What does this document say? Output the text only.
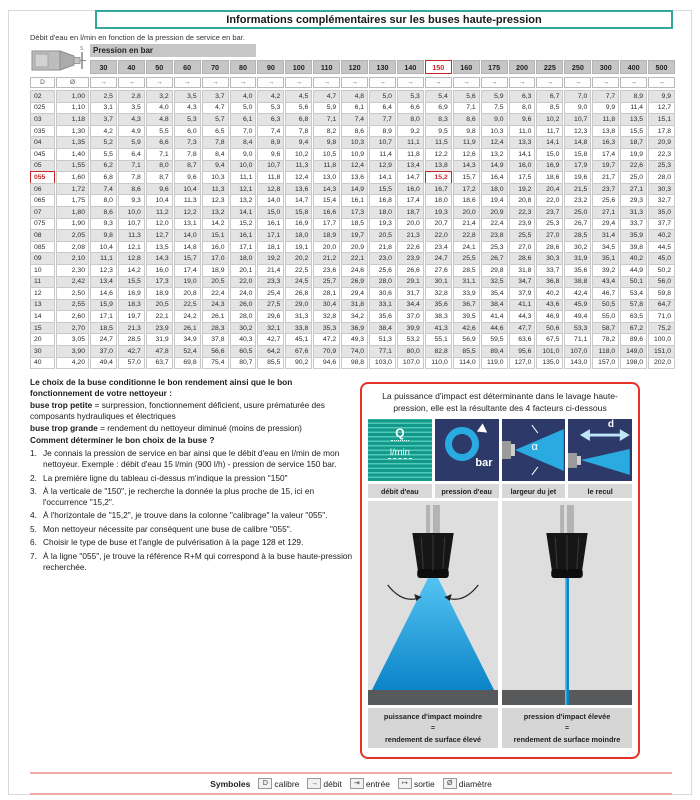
Informations complémentaires sur les buses haute-pression
Débit d'eau en l/min en fonction de la pression de service en bar.
S	Pression en bar
30	40	50	60	70	80	90	100	110	120	130	140	150	160	175	200	225	250	300	400	500
D	Ø	→	→	→	→	→	→	→	→	→	→	→	→	→	→	→	→	→	→	→	→	→
02	1,00	2,5	2,8	3,2	3,5	3,7	4,0	4,2	4,5	4,7	4,8	5,0	5,3	5,4	5,6	5,9	6,3	6,7	7,0	7,7	8,9	9,9
025	1,10	3,1	3,5	4,0	4,3	4,7	5,0	5,3	5,6	5,9	6,1	6,4	6,6	6,9	7,1	7,5	8,0	8,5	9,0	9,9	11,4	12,7
03	1,18	3,7	4,3	4,8	5,3	5,7	6,1	6,3	6,8	7,1	7,4	7,7	8,0	8,3	8,6	9,0	9,6	10,2	10,7	11,8	13,5	15,1
035	1,30	4,2	4,9	5,5	6,0	6,5	7,0	7,4	7,8	8,2	8,6	8,9	9,2	9,5	9,8	10,3	11,0	11,7	12,3	13,8	15,5	17,8
04	1,35	5,2	5,9	6,6	7,3	7,8	8,4	8,9	9,4	9,8	10,3	10,7	11,1	11,5	11,9	12,4	13,3	14,1	14,8	16,3	18,7	20,9
045	1,40	5,5	6,4	7,1	7,8	8,4	9,0	9,6	10,2	10,5	10,9	11,4	11,8	12,2	12,6	13,2	14,1	15,0	15,8	17,4	19,9	22,3
05	1,55	6,2	7,1	8,0	8,7	9,4	10,0	10,7	11,3	11,8	12,4	12,9	13,4	13,8	14,3	14,9	16,0	16,9	17,9	19,7	22,6	25,3
055	1,60	6,8	7,8	8,7	9,6	10,3	11,1	11,8	12,4	13,0	13,6	14,1	14,7	15,2	15,7	16,4	17,5	18,6	19,6	21,7	25,0	28,0
06	1,72	7,4	8,6	9,6	10,4	11,3	12,1	12,8	13,6	14,3	14,9	15,5	16,0	16,7	17,2	18,0	19,2	20,4	21,5	23,7	27,1	30,3
065	1,75	8,0	9,3	10,4	11,3	12,3	13,2	14,0	14,7	15,4	16,1	16,8	17,4	18,0	18,6	19,4	20,8	22,0	23,2	25,6	29,3	32,7
07	1,80	8,6	10,0	11,2	12,2	13,2	14,1	15,0	15,8	16,6	17,3	18,0	18,7	19,3	20,0	20,9	22,3	23,7	25,0	27,1	31,3	35,0
075	1,90	9,3	10,7	12,0	13,1	14,2	15,2	16,1	16,9	17,7	18,5	19,3	20,0	20,7	21,4	22,4	23,9	25,3	26,7	29,4	33,7	37,7
08	2,05	9,8	11,3	12,7	14,0	15,1	16,1	17,1	18,0	18,9	19,7	20,5	21,3	22,0	22,8	23,8	25,5	27,0	28,5	31,4	35,9	40,2
085	2,08	10,4	12,1	13,5	14,8	16,0	17,1	18,1	19,1	20,0	20,9	21,8	22,6	23,4	24,1	25,3	27,0	28,6	30,2	34,5	39,8	44,5
09	2,10	11,1	12,8	14,3	15,7	17,0	18,0	19,2	20,2	21,2	22,1	23,0	23,9	24,7	25,5	26,7	28,6	30,3	31,9	35,1	40,2	45,0
10	2,30	12,3	14,2	16,0	17,4	18,9	20,1	21,4	22,5	23,6	24,6	25,6	26,6	27,6	28,5	29,8	31,8	33,7	35,6	39,2	44,9	50,2
11	2,42	13,4	15,5	17,3	19,0	20,5	22,0	23,3	24,5	25,7	26,9	28,0	29,1	30,1	31,1	32,5	34,7	36,8	38,8	43,4	50,1	56,0
12	2,50	14,6	16,9	18,9	20,8	22,4	24,0	25,4	26,8	28,1	29,4	30,6	31,7	32,8	33,9	35,4	37,9	40,2	42,4	46,7	53,4	59,8
13	2,55	15,9	18,3	20,5	22,5	24,3	26,0	27,5	29,0	30,4	31,8	33,1	34,4	35,6	36,7	38,4	41,1	43,6	45,9	50,5	57,8	64,7
14	2,60	17,1	19,7	22,1	24,2	26,1	28,0	29,6	31,3	32,8	34,2	35,6	37,0	38,3	39,5	41,4	44,3	46,9	49,4	55,0	63,5	71,0
15	2,70	18,5	21,3	23,9	26,1	28,3	30,2	32,1	33,8	35,3	36,9	38,4	39,9	41,3	42,6	44,6	47,7	50,6	53,3	58,7	67,2	75,2
20	3,05	24,7	28,5	31,9	34,9	37,8	40,3	42,7	45,1	47,2	49,3	51,3	53,2	55,1	56,9	59,5	63,6	67,5	71,1	78,2	89,6	100,0
30	3,90	37,0	42,7	47,8	52,4	56,6	60,5	64,2	67,6	70,9	74,0	77,1	80,0	82,8	85,5	89,4	95,6	101,0	107,0	118,0	149,0	151,0
40	4,20	49,4	57,0	63,7	69,8	75,4	80,7	85,5	90,2	94,6	98,8	103,0	107,0	110,0	114,0	119,0	127,0	135,0	143,0	157,0	198,0	202,0

Le choix de la buse conditionne le bon rendement ainsi que le bon fonctionnement de votre nettoyeur :

buse trop petite = surpression, fonctionnement déficient, usure prématurée des composants hydrauliques et électriques

buse trop grande = rendement du nettoyeur diminué (moins de pression)

Comment déterminer le bon choix de la buse ?

1. Je connais la pression de service en bar ainsi que le débit d'eau en l/min de mon nettoyeur. Exemple : débit d'eau 15 l/min (900 l/h) - pression de service 150 bar.
2. La première ligne du tableau ci-dessus m'indique la pression "150"
3. À la verticale de "150", je recherche la donnée la plus proche de 15, ici en l'occurrence "15,2".
4. À l'horizontale de "15,2", je trouve dans la colonne "calibrage" la valeur "055".
5. Mon nettoyeur nécessite par conséquent une buse de calibre "055".
6. Choisir le type de buse et l'angle de pulvérisation à la page 128 et 129.
7. À la ligne "055", je trouve la référence R+M qui correspond à la buse haute-pression recherchée.
La puissance d'impact est déterminante dans le lavage haute-pression, elle est la résultante des 4 facteurs ci-dessous
Q
l/min
bar
α
d
débit d'eau	pression d'eau	largeur du jet	le recul
puissance d'impact moindre
=
rendement de surface élevé
pression d'impact élevée
=
rendement de surface moindre
Symboles	D calibre	→ débit	⇥ entrée	↦ sortie	Ø diamètre
